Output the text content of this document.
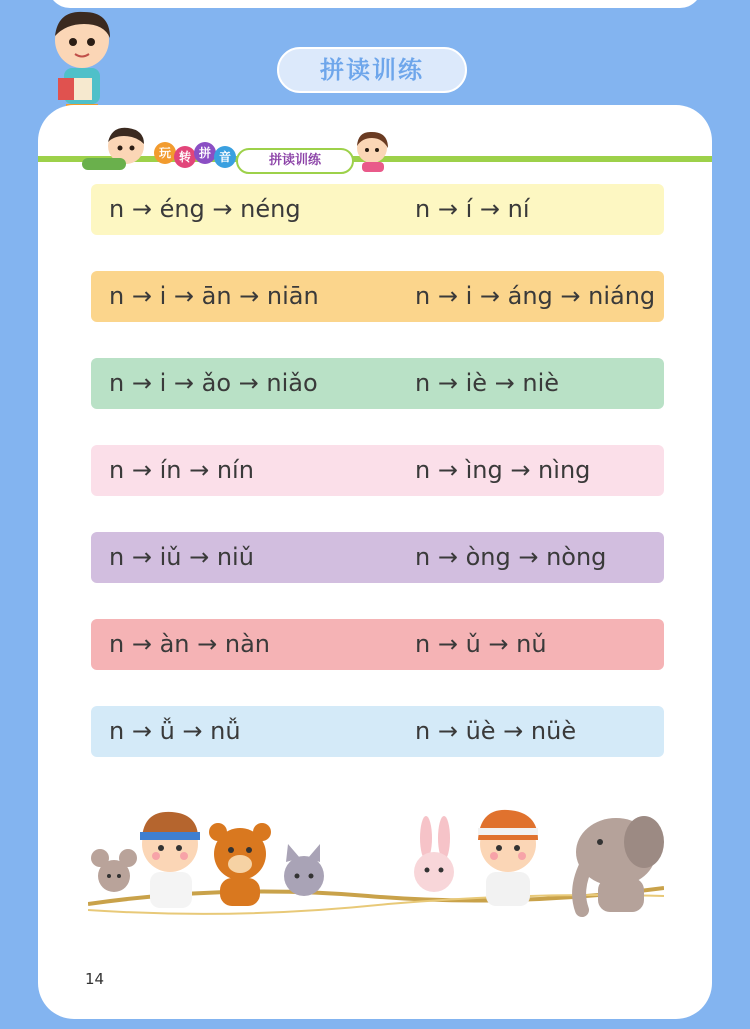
拼读训练
玩 转 拼 音	拼读训练
n → éng → néng	n → í → ní
n → i → ān → niān	n → i → áng → niáng
n → i → ǎo → niǎo	n → iè → niè
n → ín → nín	n → ìng → nìng
n → iǔ → niǔ	n → òng → nòng
n → àn → nàn	n → ǔ → nǔ
n → ǚ → nǚ	n → üè → nüè
14
